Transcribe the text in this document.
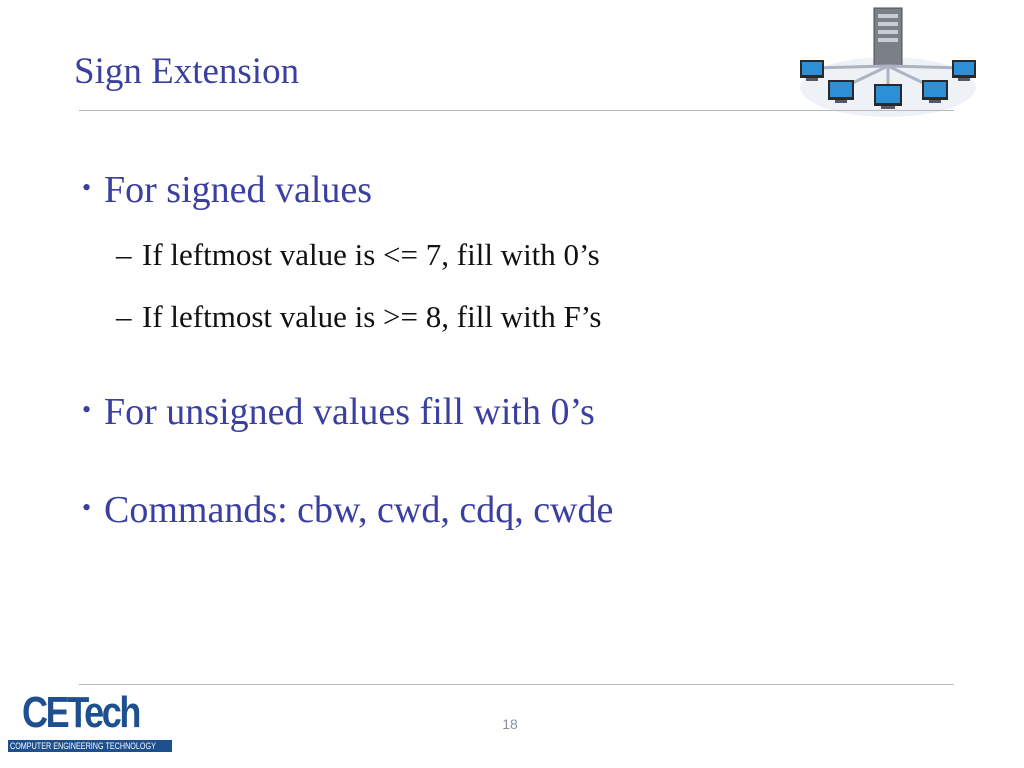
Sign Extension
• For signed values
– If leftmost value is <= 7, fill with 0’s
– If leftmost value is >= 8, fill with F’s
• For unsigned values fill with 0’s
• Commands: cbw, cwd, cdq, cwde
18
CETech
COMPUTER ENGINEERING TECHNOLOGY
